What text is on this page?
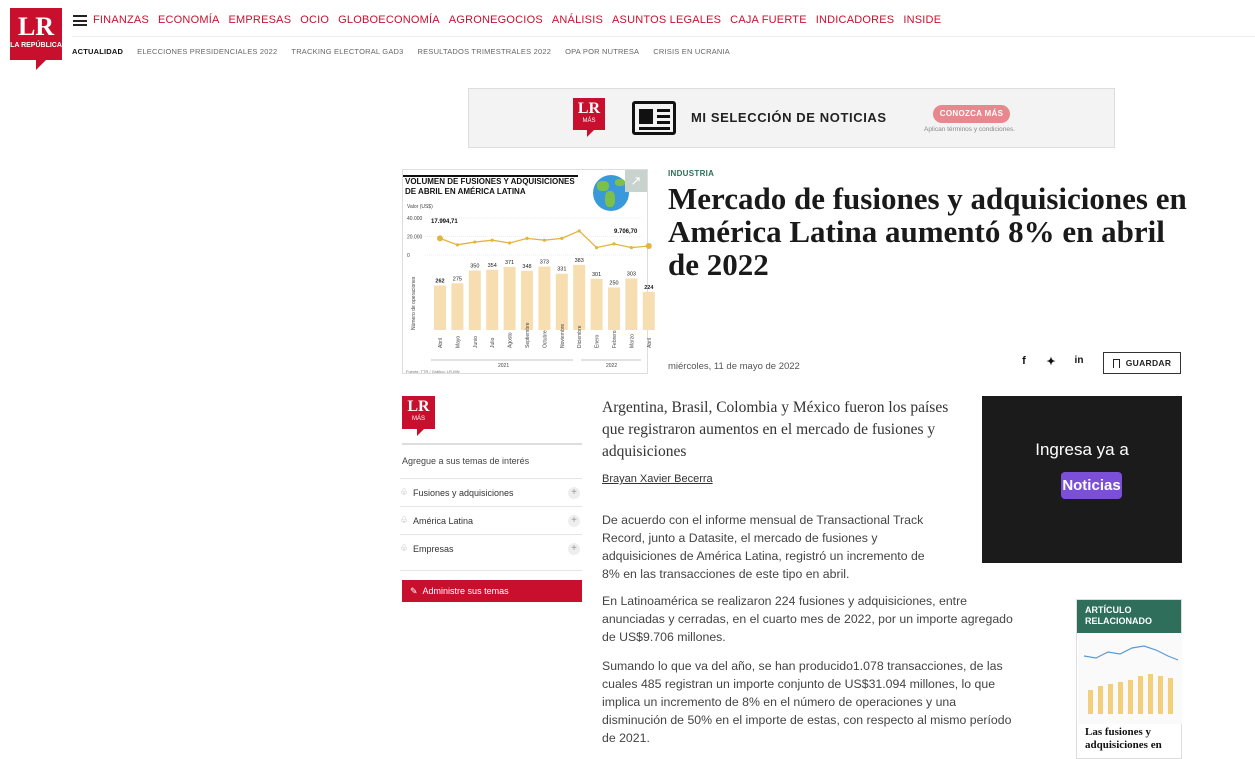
LR
LA REPÚBLICA
FINANZAS ECONOMÍA EMPRESAS OCIO GLOBOECONOMÍA AGRONEGOCIOS ANÁLISIS ASUNTOS LEGALES CAJA FUERTE INDICADORES INSIDE
ACTUALIDAD ELECCIONES PRESIDENCIALES 2022 TRACKING ELECTORAL GAD3 RESULTADOS TRIMESTRALES 2022 OPA POR NUTRESA CRISIS EN UCRANIA
LR
MÁS	MI SELECCIÓN DE NOTICIAS	CONOZCA MÁS
Aplican términos y condiciones.
VOLUMEN DE FUSIONES Y ADQUISICIONES DE ABRIL EN AMÉRICA LATINA
↗
Valor (US$)
40.000
20.000
0
17.994,71
9.706,70
Número de operaciones	262
Abril
275
Mayo
350
Junio
354
Julio
371
Agosto
348
Septiembre
373
Octubre
331
Noviembre
383
Diciembre
301
Enero
250
Febrero
303
Marzo
224
Abril
2021	2022
Fuente: TTR / Gráfico: LR-MN
INDUSTRIA
Mercado de fusiones y adquisiciones en América Latina aumentó 8% en abril de 2022
miércoles, 11 de mayo de 2022	f	✦ in	GUARDAR
LR
MÁS
Agregue a sus temas de interés
♧ Fusiones y adquisiciones	+
♧ América Latina	+
♧ Empresas	+
✎ Administre sus temas

Argentina, Brasil, Colombia y México fueron los países que registraron aumentos en el mercado de fusiones y adquisiciones

Brayan Xavier Becerra
De acuerdo con el informe mensual de Transactional Track
Record, junto a Datasite, el mercado de fusiones y
adquisiciones de América Latina, registró un incremento de
8% en las transacciones de este tipo en abril.
En Latinoamérica se realizaron 224 fusiones y adquisiciones, entre
anunciadas y cerradas, en el cuarto mes de 2022, por un importe agregado
de US$9.706 millones.
Sumando lo que va del año, se han producido1.078 transacciones, de las
cuales 485 registran un importe conjunto de US$31.094 millones, lo que
implica un incremento de 8% en el número de operaciones y una
disminución de 50% en el importe de estas, con respecto al mismo período
de 2021.
Ingresa ya a
Noticias
ARTÍCULO RELACIONADO
Las fusiones y adquisiciones en
